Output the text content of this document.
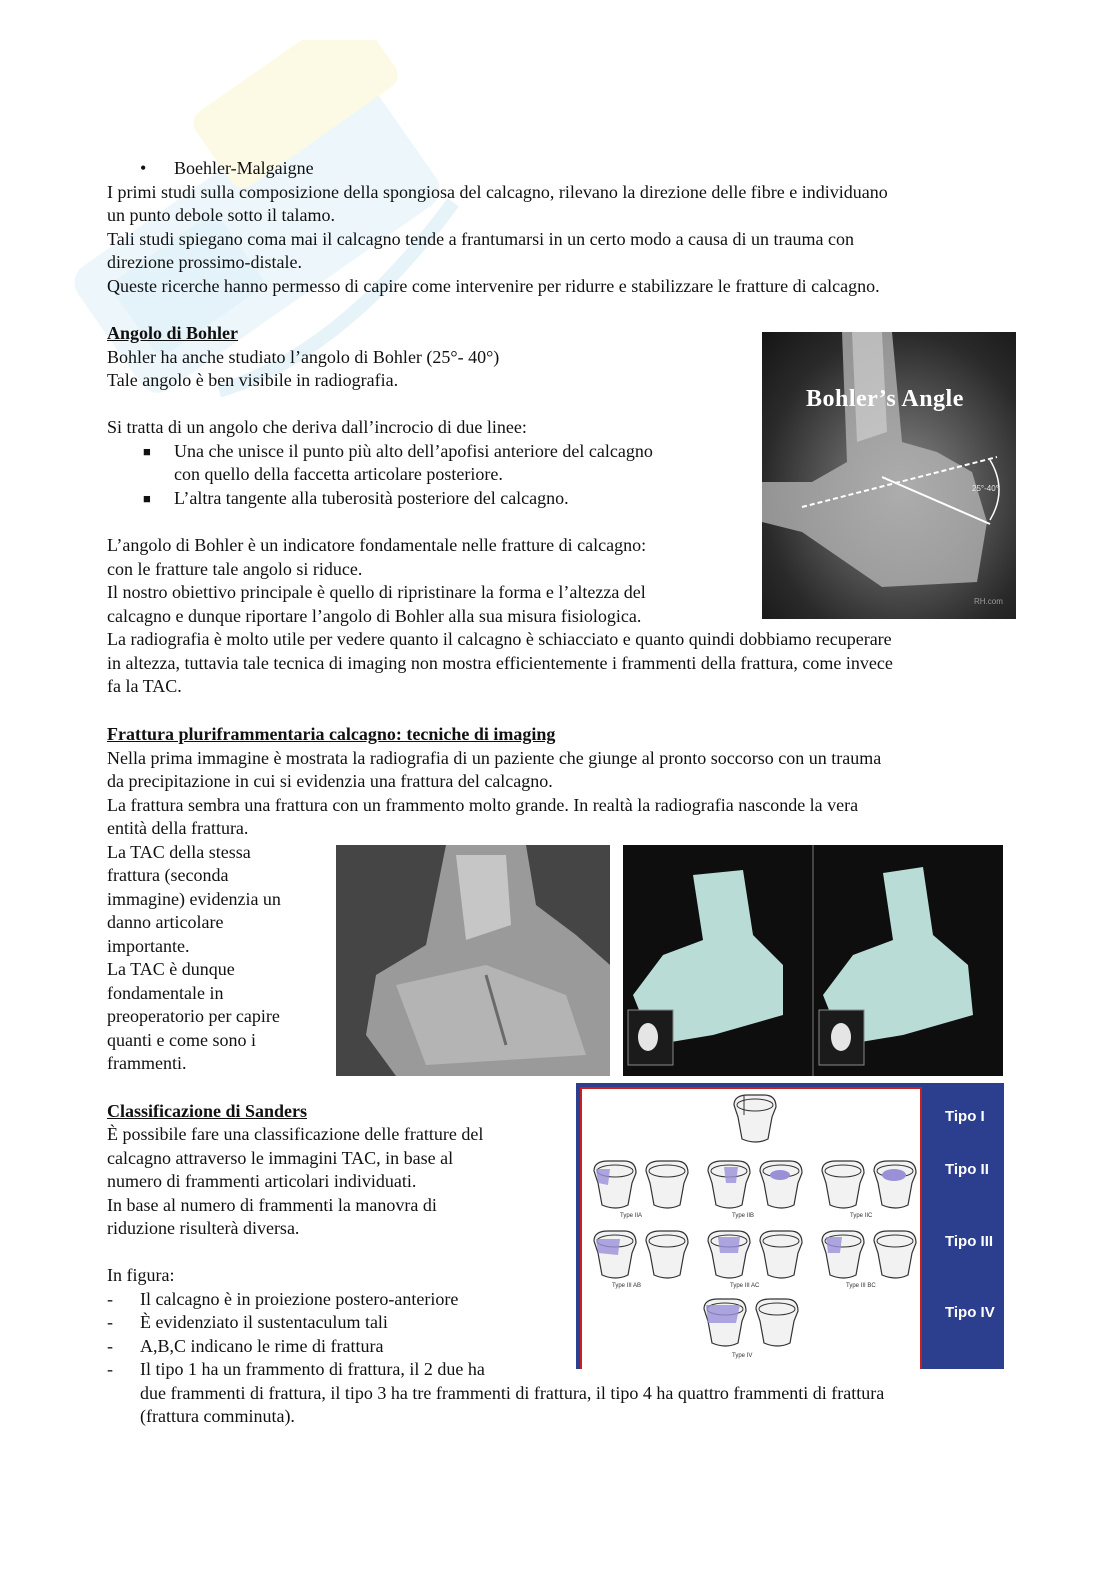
• Boehler-Malgaigne
I primi studi sulla composizione della spongiosa del calcagno, rilevano la direzione delle fibre e individuano
un punto debole sotto il talamo.
Tali studi spiegano coma mai il calcagno tende a frantumarsi in un certo modo a causa di un trauma con
direzione prossimo-distale.
Queste ricerche hanno permesso di capire come intervenire per ridurre e stabilizzare le fratture di calcagno.
Angolo di Bohler
Bohler ha anche studiato l’angolo di Bohler (25°- 40°)
Tale angolo è ben visibile in radiografia.
Si tratta di un angolo che deriva dall’incrocio di due linee:
■ Una che unisce il punto più alto dell’apofisi anteriore del calcagno
con quello della faccetta articolare posteriore.
■ L’altra tangente alla tuberosità posteriore del calcagno.
L’angolo di Bohler è un indicatore fondamentale nelle fratture di calcagno:
con le fratture tale angolo si riduce.
Il nostro obiettivo principale è quello di ripristinare la forma e l’altezza del
calcagno e dunque riportare l’angolo di Bohler alla sua misura fisiologica.
La radiografia è molto utile per vedere quanto il calcagno è schiacciato e quanto quindi dobbiamo recuperare
in altezza, tuttavia tale tecnica di imaging non mostra efficientemente i frammenti della frattura, come invece
fa la TAC.
Bohler’s Angle
25°-40°
RH.com
Frattura pluriframmentaria calcagno: tecniche di imaging
Nella prima immagine è mostrata la radiografia di un paziente che giunge al pronto soccorso con un trauma
da precipitazione in cui si evidenzia una frattura del calcagno.
La frattura sembra una frattura con un frammento molto grande. In realtà la radiografia nasconde la vera
entità della frattura.
La TAC della stessa
frattura (seconda
immagine) evidenzia un
danno articolare
importante.
La TAC è dunque
fondamentale in
preoperatorio per capire
quanti e come sono i
frammenti.
Classificazione di Sanders
È possibile fare una classificazione delle fratture del
calcagno attraverso le immagini TAC, in base al
numero di frammenti articolari individuati.
In base al numero di frammenti la manovra di
riduzione risulterà diversa.
In figura:
- Il calcagno è in proiezione postero-anteriore
- È evidenziato il sustentaculum tali
- A,B,C indicano le rime di frattura
- Il tipo 1 ha un frammento di frattura, il 2 due ha
due frammenti di frattura, il tipo 3 ha tre frammenti di frattura, il tipo 4 ha quattro frammenti di frattura
(frattura comminuta).
Type IIA	Type IIB	Type IIC
Type III AB	Type III AC	Type III BC
Type IV
Tipo I
Tipo II
Tipo III
Tipo IV
